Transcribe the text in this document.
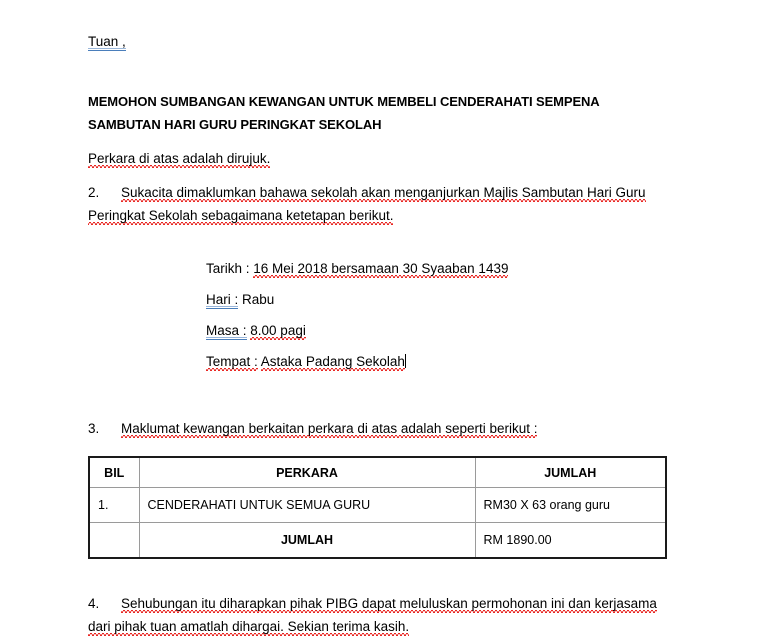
Tuan ,

MEMOHON SUMBANGAN KEWANGAN UNTUK MEMBELI CENDERAHATI SEMPENA SAMBUTAN HARI GURU PERINGKAT SEKOLAH

Perkara di atas adalah dirujuk.

2. Sukacita dimaklumkan bahawa sekolah akan menganjurkan Majlis Sambutan Hari Guru Peringkat Sekolah sebagaimana ketetapan berikut.

Tarikh : 16 Mei 2018 bersamaan 30 Syaaban 1439
Hari : Rabu
Masa : 8.00 pagi
Tempat : Astaka Padang Sekolah

3. Maklumat kewangan berkaitan perkara di atas adalah seperti berikut :

BIL	PERKARA	JUMLAH
1.	CENDERAHATI UNTUK SEMUA GURU	RM30 X 63 orang guru
	JUMLAH	RM 1890.00

4. Sehubungan itu diharapkan pihak PIBG dapat meluluskan permohonan ini dan kerjasama dari pihak tuan amatlah dihargai. Sekian terima kasih.
